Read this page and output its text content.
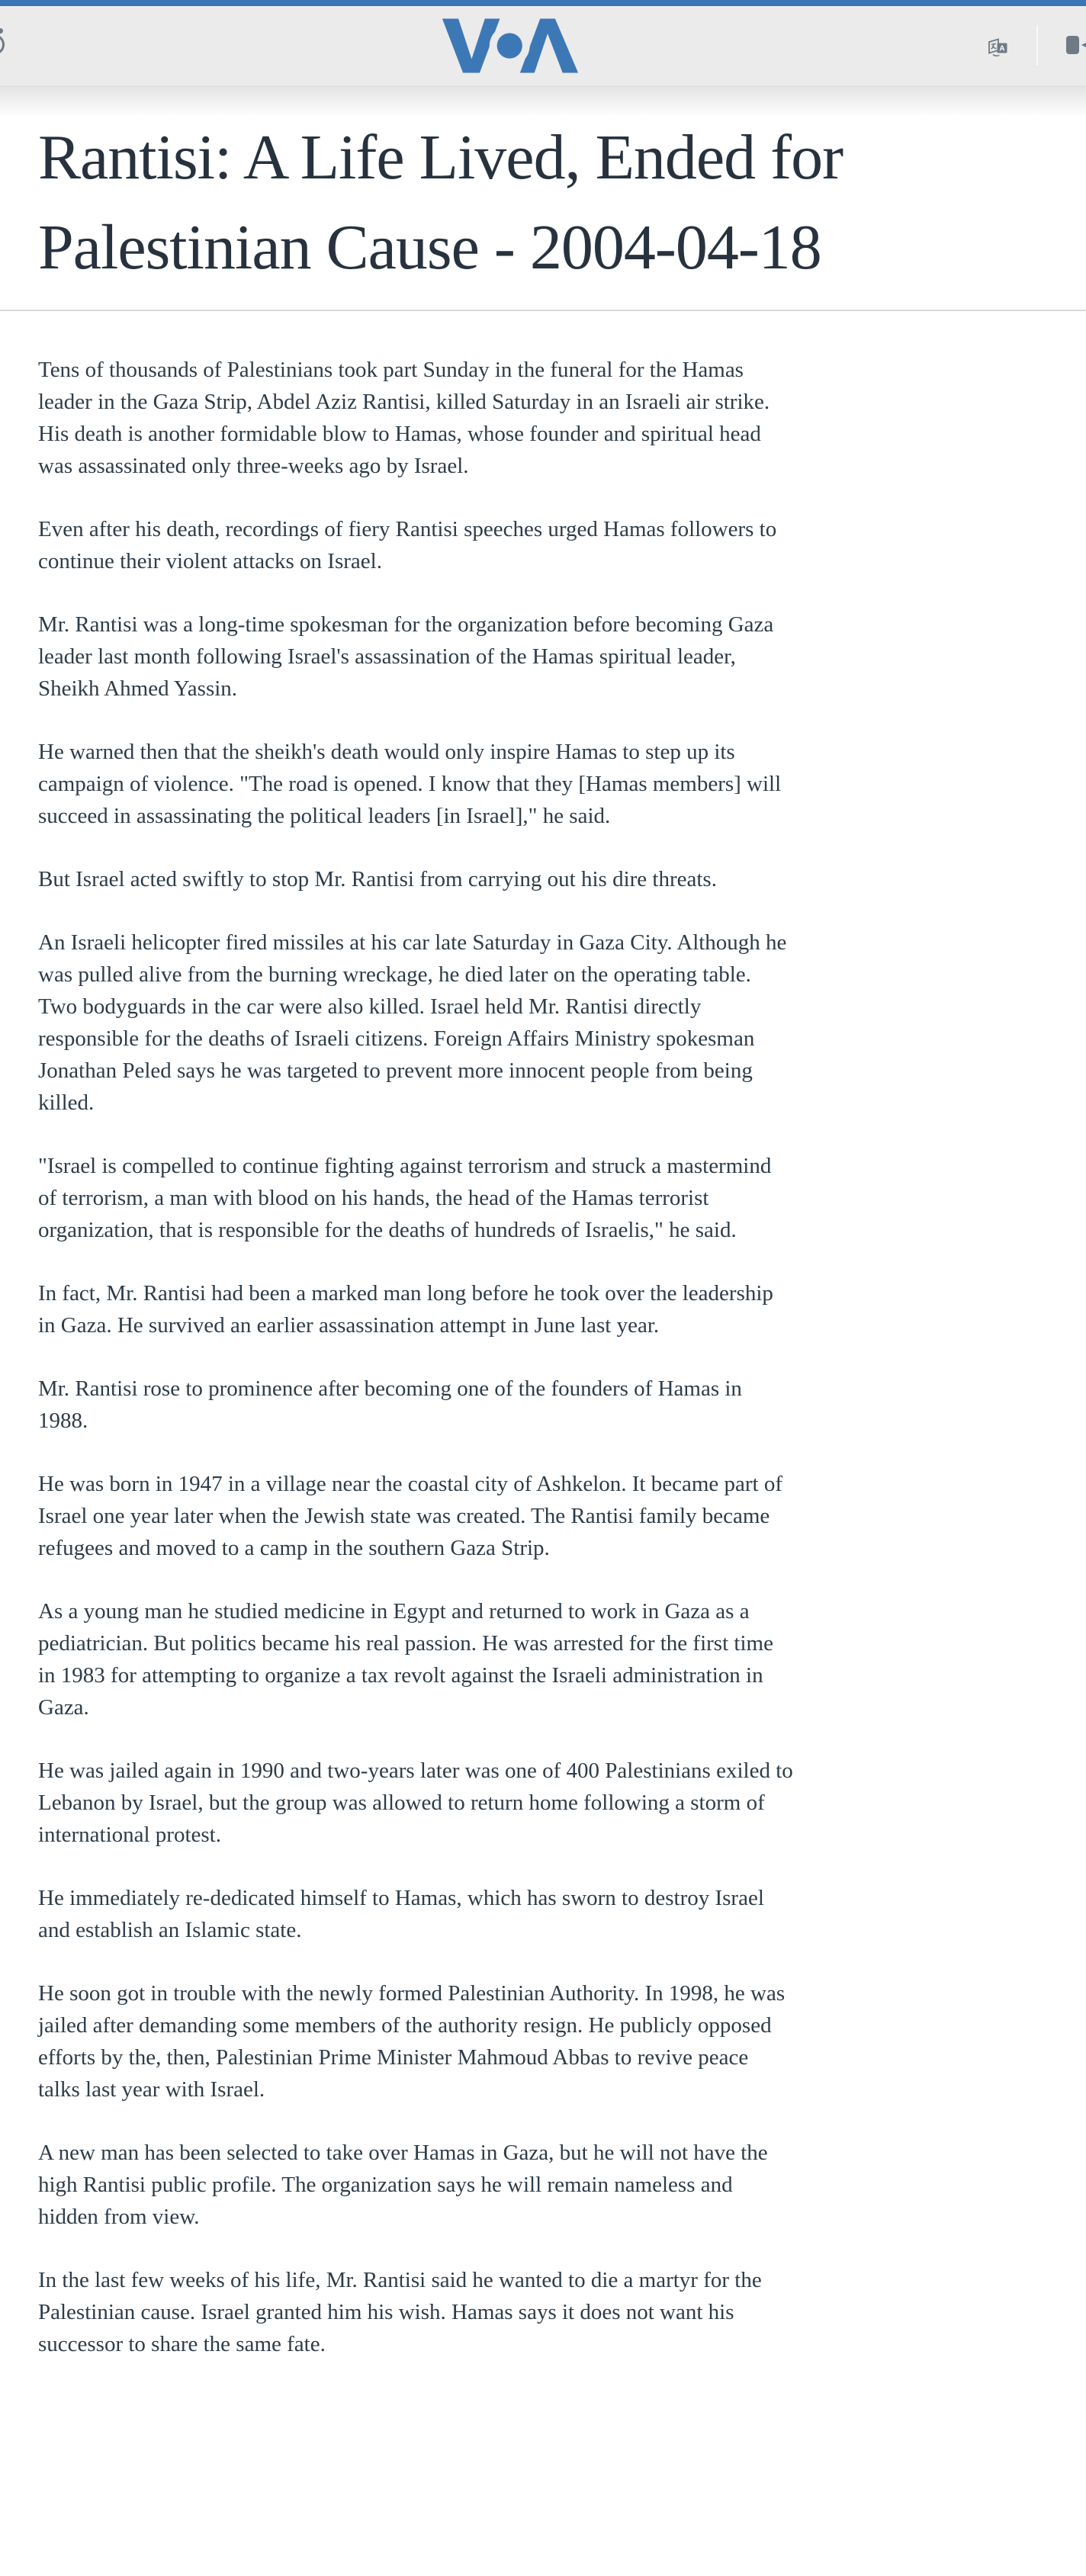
A
Rantisi: A Life Lived, Ended for
Palestinian Cause - 2004-04-18

Tens of thousands of Palestinians took part Sunday in the funeral for the Hamas leader in the Gaza Strip, Abdel Aziz Rantisi, killed Saturday in an Israeli air strike. His death is another formidable blow to Hamas, whose founder and spiritual head was assassinated only three-weeks ago by Israel.

Even after his death, recordings of fiery Rantisi speeches urged Hamas followers to continue their violent attacks on Israel.

Mr. Rantisi was a long-time spokesman for the organization before becoming Gaza leader last month following Israel's assassination of the Hamas spiritual leader, Sheikh Ahmed Yassin.

He warned then that the sheikh's death would only inspire Hamas to step up its campaign of violence. "The road is opened. I know that they [Hamas members] will succeed in assassinating the political leaders [in Israel]," he said.

But Israel acted swiftly to stop Mr. Rantisi from carrying out his dire threats.

An Israeli helicopter fired missiles at his car late Saturday in Gaza City. Although he was pulled alive from the burning wreckage, he died later on the operating table. Two bodyguards in the car were also killed. Israel held Mr. Rantisi directly responsible for the deaths of Israeli citizens. Foreign Affairs Ministry spokesman Jonathan Peled says he was targeted to prevent more innocent people from being killed.

"Israel is compelled to continue fighting against terrorism and struck a mastermind of terrorism, a man with blood on his hands, the head of the Hamas terrorist organization, that is responsible for the deaths of hundreds of Israelis," he said.

In fact, Mr. Rantisi had been a marked man long before he took over the leadership in Gaza. He survived an earlier assassination attempt in June last year.

Mr. Rantisi rose to prominence after becoming one of the founders of Hamas in 1988.

He was born in 1947 in a village near the coastal city of Ashkelon. It became part of Israel one year later when the Jewish state was created. The Rantisi family became refugees and moved to a camp in the southern Gaza Strip.

As a young man he studied medicine in Egypt and returned to work in Gaza as a pediatrician. But politics became his real passion. He was arrested for the first time in 1983 for attempting to organize a tax revolt against the Israeli administration in Gaza.

He was jailed again in 1990 and two-years later was one of 400 Palestinians exiled to Lebanon by Israel, but the group was allowed to return home following a storm of international protest.

He immediately re-dedicated himself to Hamas, which has sworn to destroy Israel and establish an Islamic state.

He soon got in trouble with the newly formed Palestinian Authority. In 1998, he was jailed after demanding some members of the authority resign. He publicly opposed efforts by the, then, Palestinian Prime Minister Mahmoud Abbas to revive peace talks last year with Israel.

A new man has been selected to take over Hamas in Gaza, but he will not have the high Rantisi public profile. The organization says he will remain nameless and hidden from view.

In the last few weeks of his life, Mr. Rantisi said he wanted to die a martyr for the Palestinian cause. Israel granted him his wish. Hamas says it does not want his successor to share the same fate.
